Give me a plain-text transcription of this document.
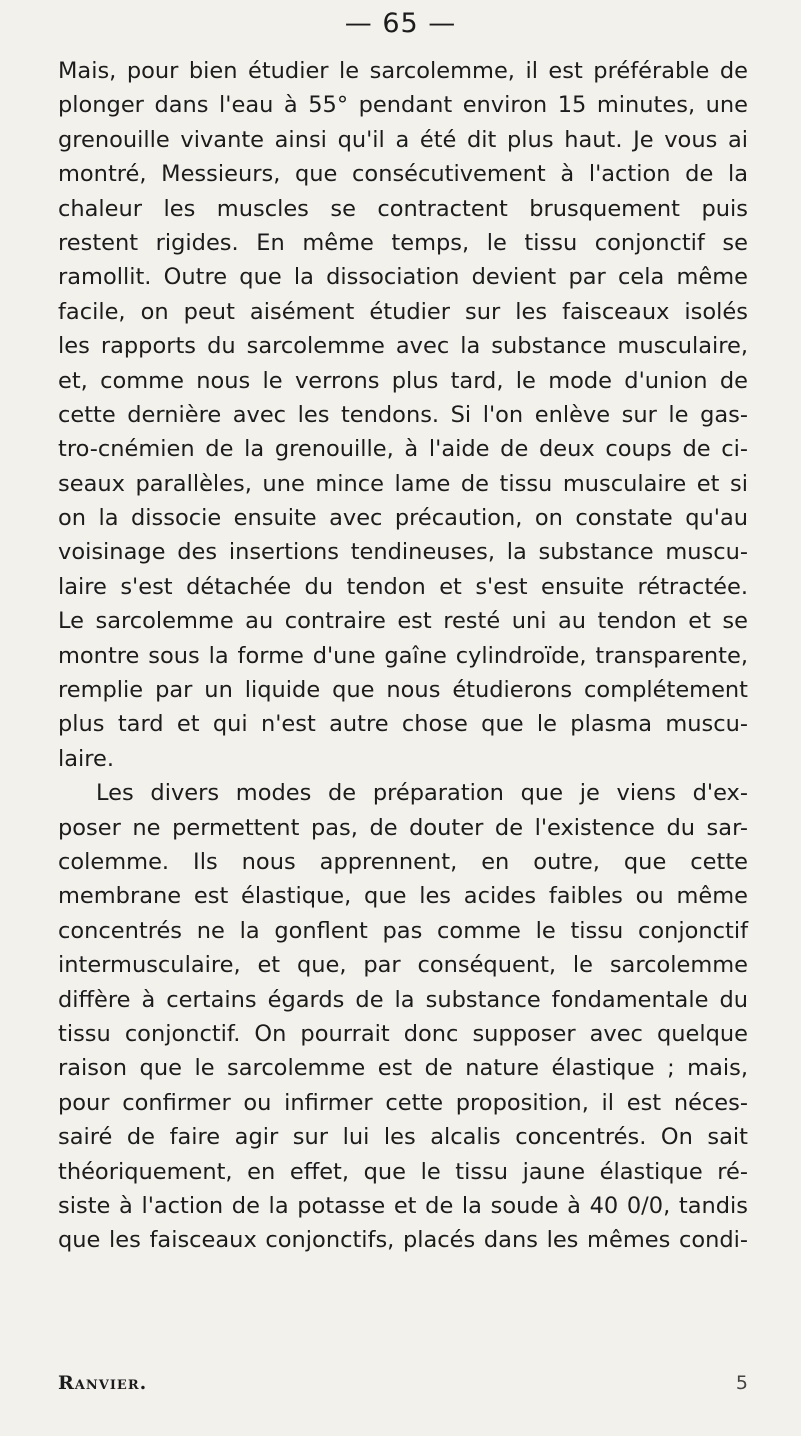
— 65 —
Mais, pour bien étudier le sarcolemme, il est préférable de
plonger dans l'eau à 55° pendant environ 15 minutes, une
grenouille vivante ainsi qu'il a été dit plus haut. Je vous ai
montré, Messieurs, que consécutivement à l'action de la
chaleur les muscles se contractent brusquement puis
restent rigides. En même temps, le tissu conjonctif se
ramollit. Outre que la dissociation devient par cela même
facile, on peut aisément étudier sur les faisceaux isolés
les rapports du sarcolemme avec la substance musculaire,
et, comme nous le verrons plus tard, le mode d'union de
cette dernière avec les tendons. Si l'on enlève sur le gas-
tro-cnémien de la grenouille, à l'aide de deux coups de ci-
seaux parallèles, une mince lame de tissu musculaire et si
on la dissocie ensuite avec précaution, on constate qu'au
voisinage des insertions tendineuses, la substance muscu-
laire s'est détachée du tendon et s'est ensuite rétractée.
Le sarcolemme au contraire est resté uni au tendon et se
montre sous la forme d'une gaîne cylindroïde, transparente,
remplie par un liquide que nous étudierons complétement
plus tard et qui n'est autre chose que le plasma muscu-
laire.
Les divers modes de préparation que je viens d'ex-
poser ne permettent pas, de douter de l'existence du sar-
colemme. Ils nous apprennent, en outre, que cette
membrane est élastique, que les acides faibles ou même
concentrés ne la gonflent pas comme le tissu conjonctif
intermusculaire, et que, par conséquent, le sarcolemme
diffère à certains égards de la substance fondamentale du
tissu conjonctif. On pourrait donc supposer avec quelque
raison que le sarcolemme est de nature élastique ; mais,
pour confirmer ou infirmer cette proposition, il est néces-
sairé de faire agir sur lui les alcalis concentrés. On sait
théoriquement, en effet, que le tissu jaune élastique ré-
siste à l'action de la potasse et de la soude à 40 0/0, tandis
que les faisceaux conjonctifs, placés dans les mêmes condi-
Ranvier.	5
